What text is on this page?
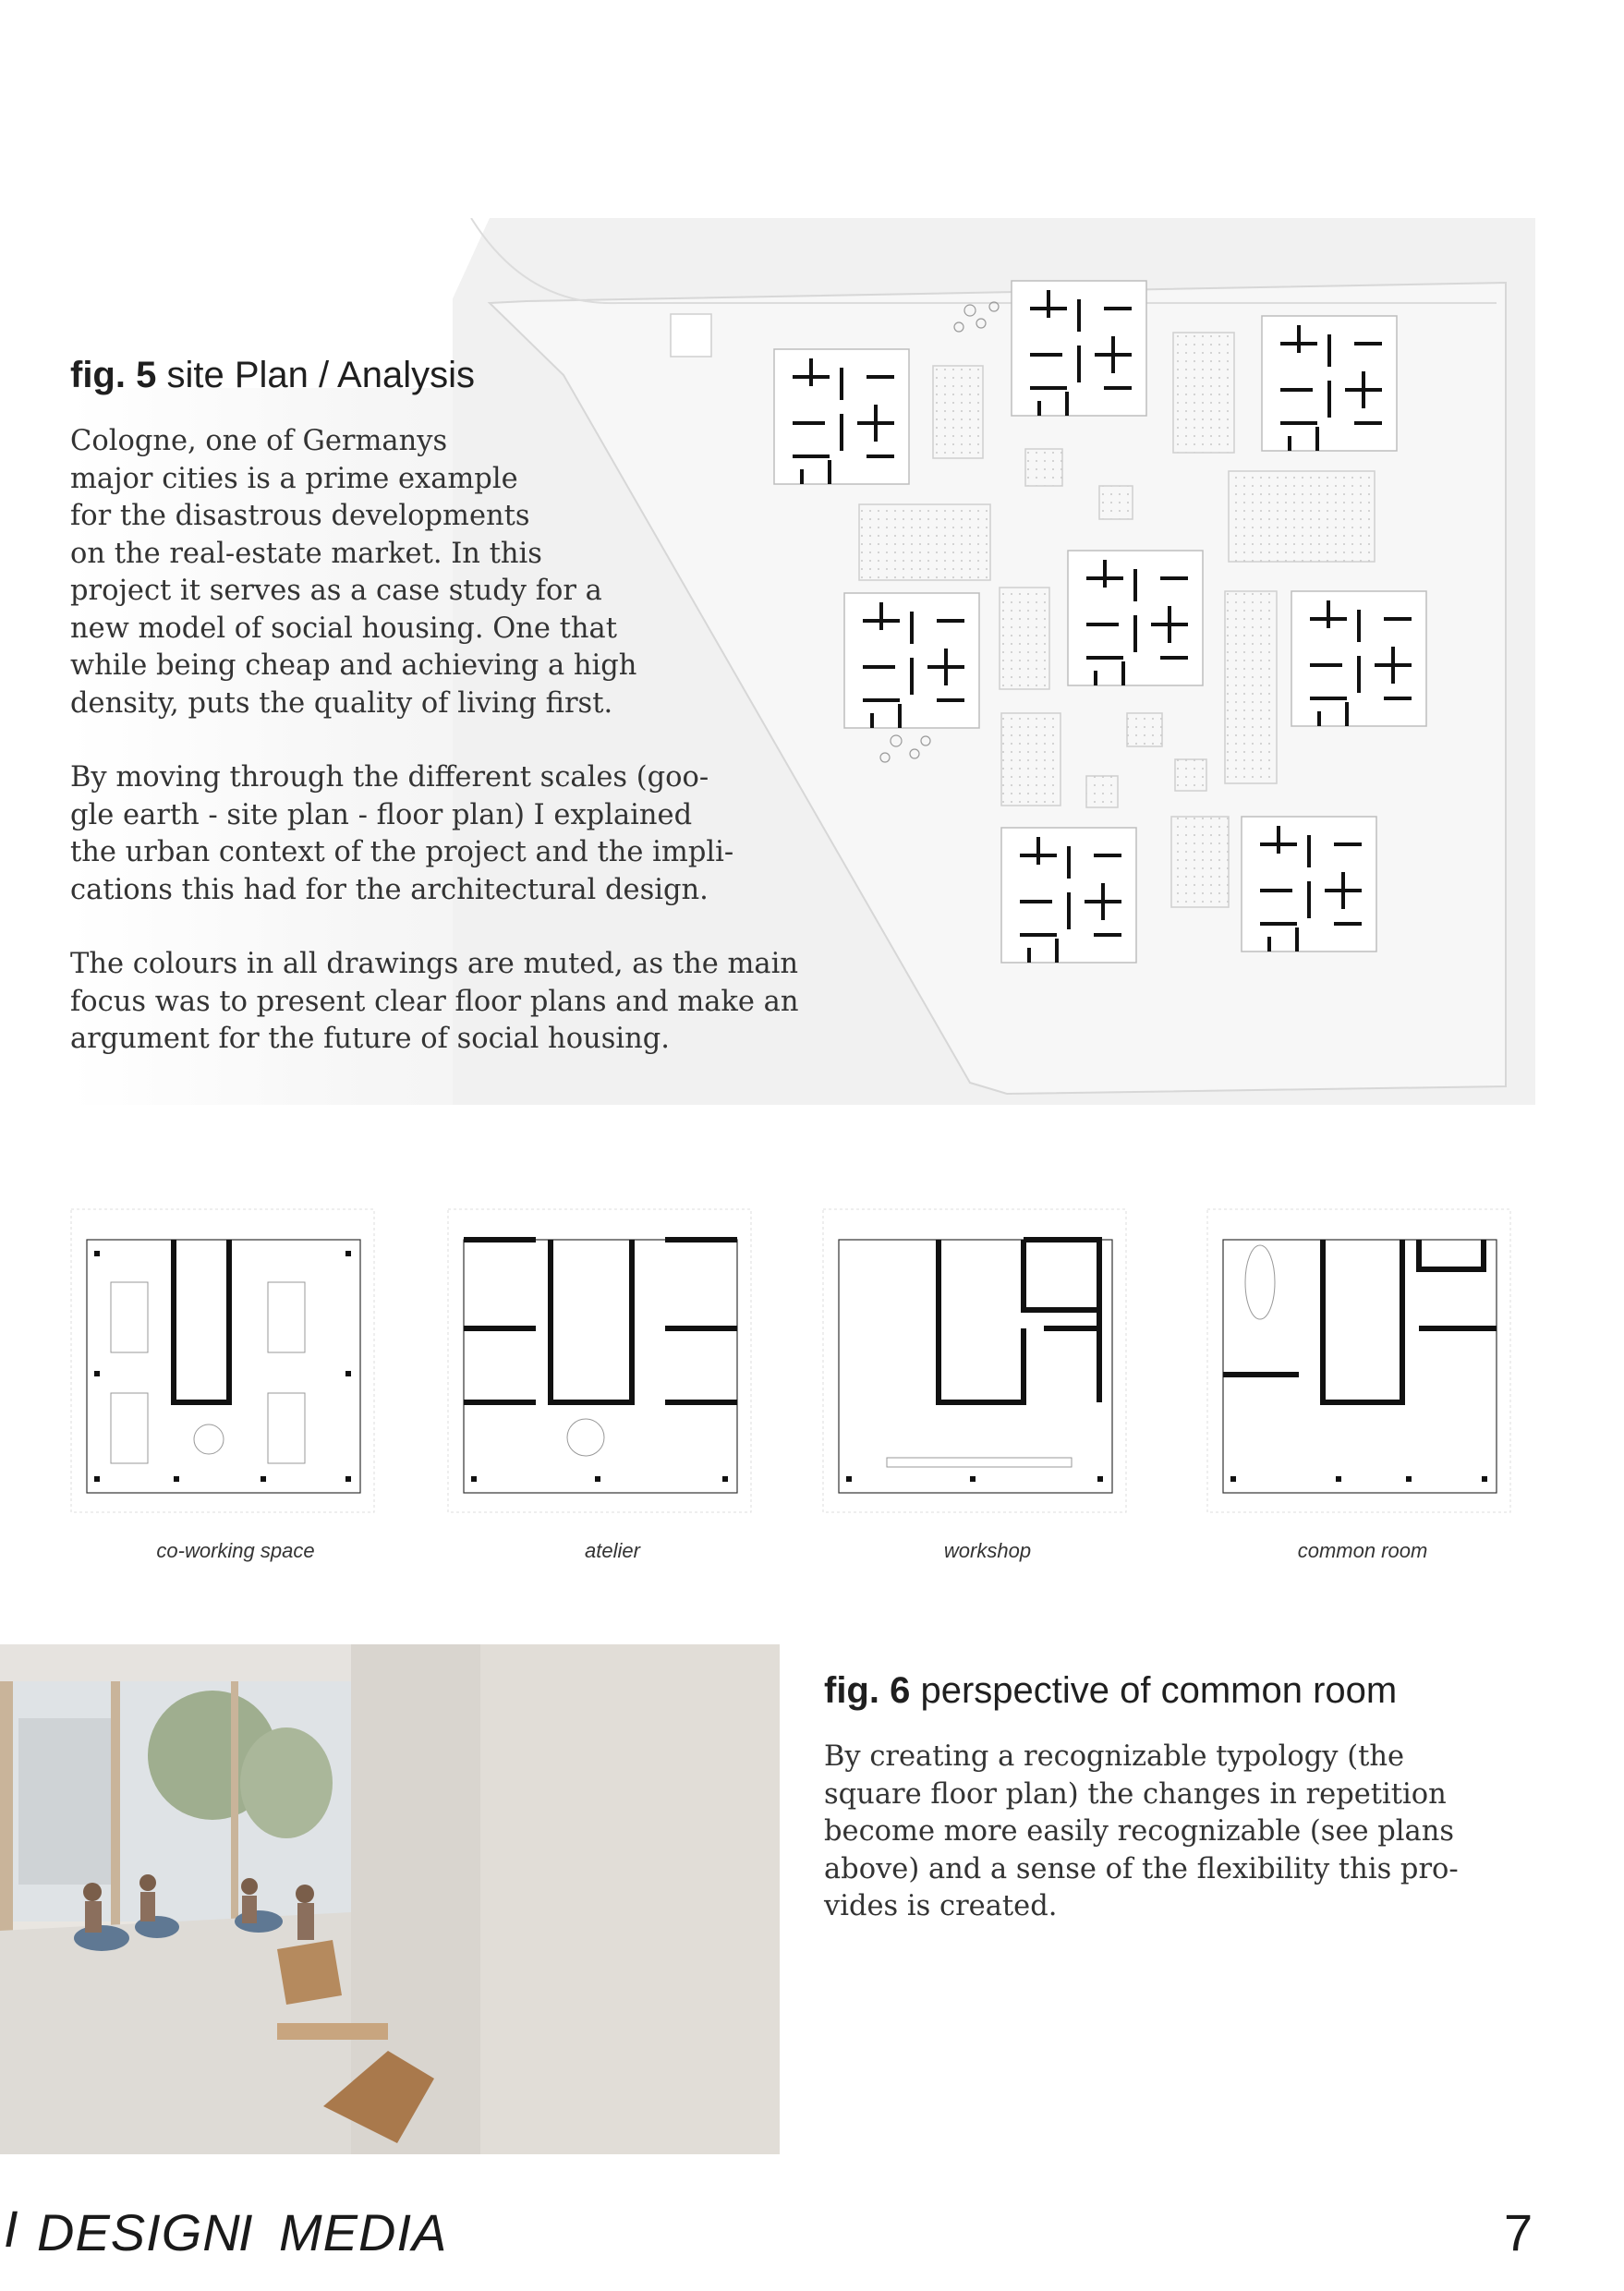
fig. 5 site Plan / Analysis

Cologne, one of Germanys
major cities is a prime example
for the disastrous developments
on the real-estate market. In this
project it serves as a case study for a
new model of social housing. One that
while being cheap and achieving a high
density, puts the quality of living first.

By moving through the different scales (goo-
gle earth - site plan - floor plan) I explained
the urban context of the project and the impli-
cations this had for the architectural design.

The colours in all drawings are muted, as the main
focus was to present clear floor plans and make an
argument for the future of social housing.

co-working space	atelier	workshop	common room
fig. 6 perspective of common room

By creating a recognizable typology (the
square floor plan) the changes in repetition
become more easily recognizable (see plans
above) and a sense of the flexibility this pro-
vides is created.

I DESIGN
I MEDIA	7
